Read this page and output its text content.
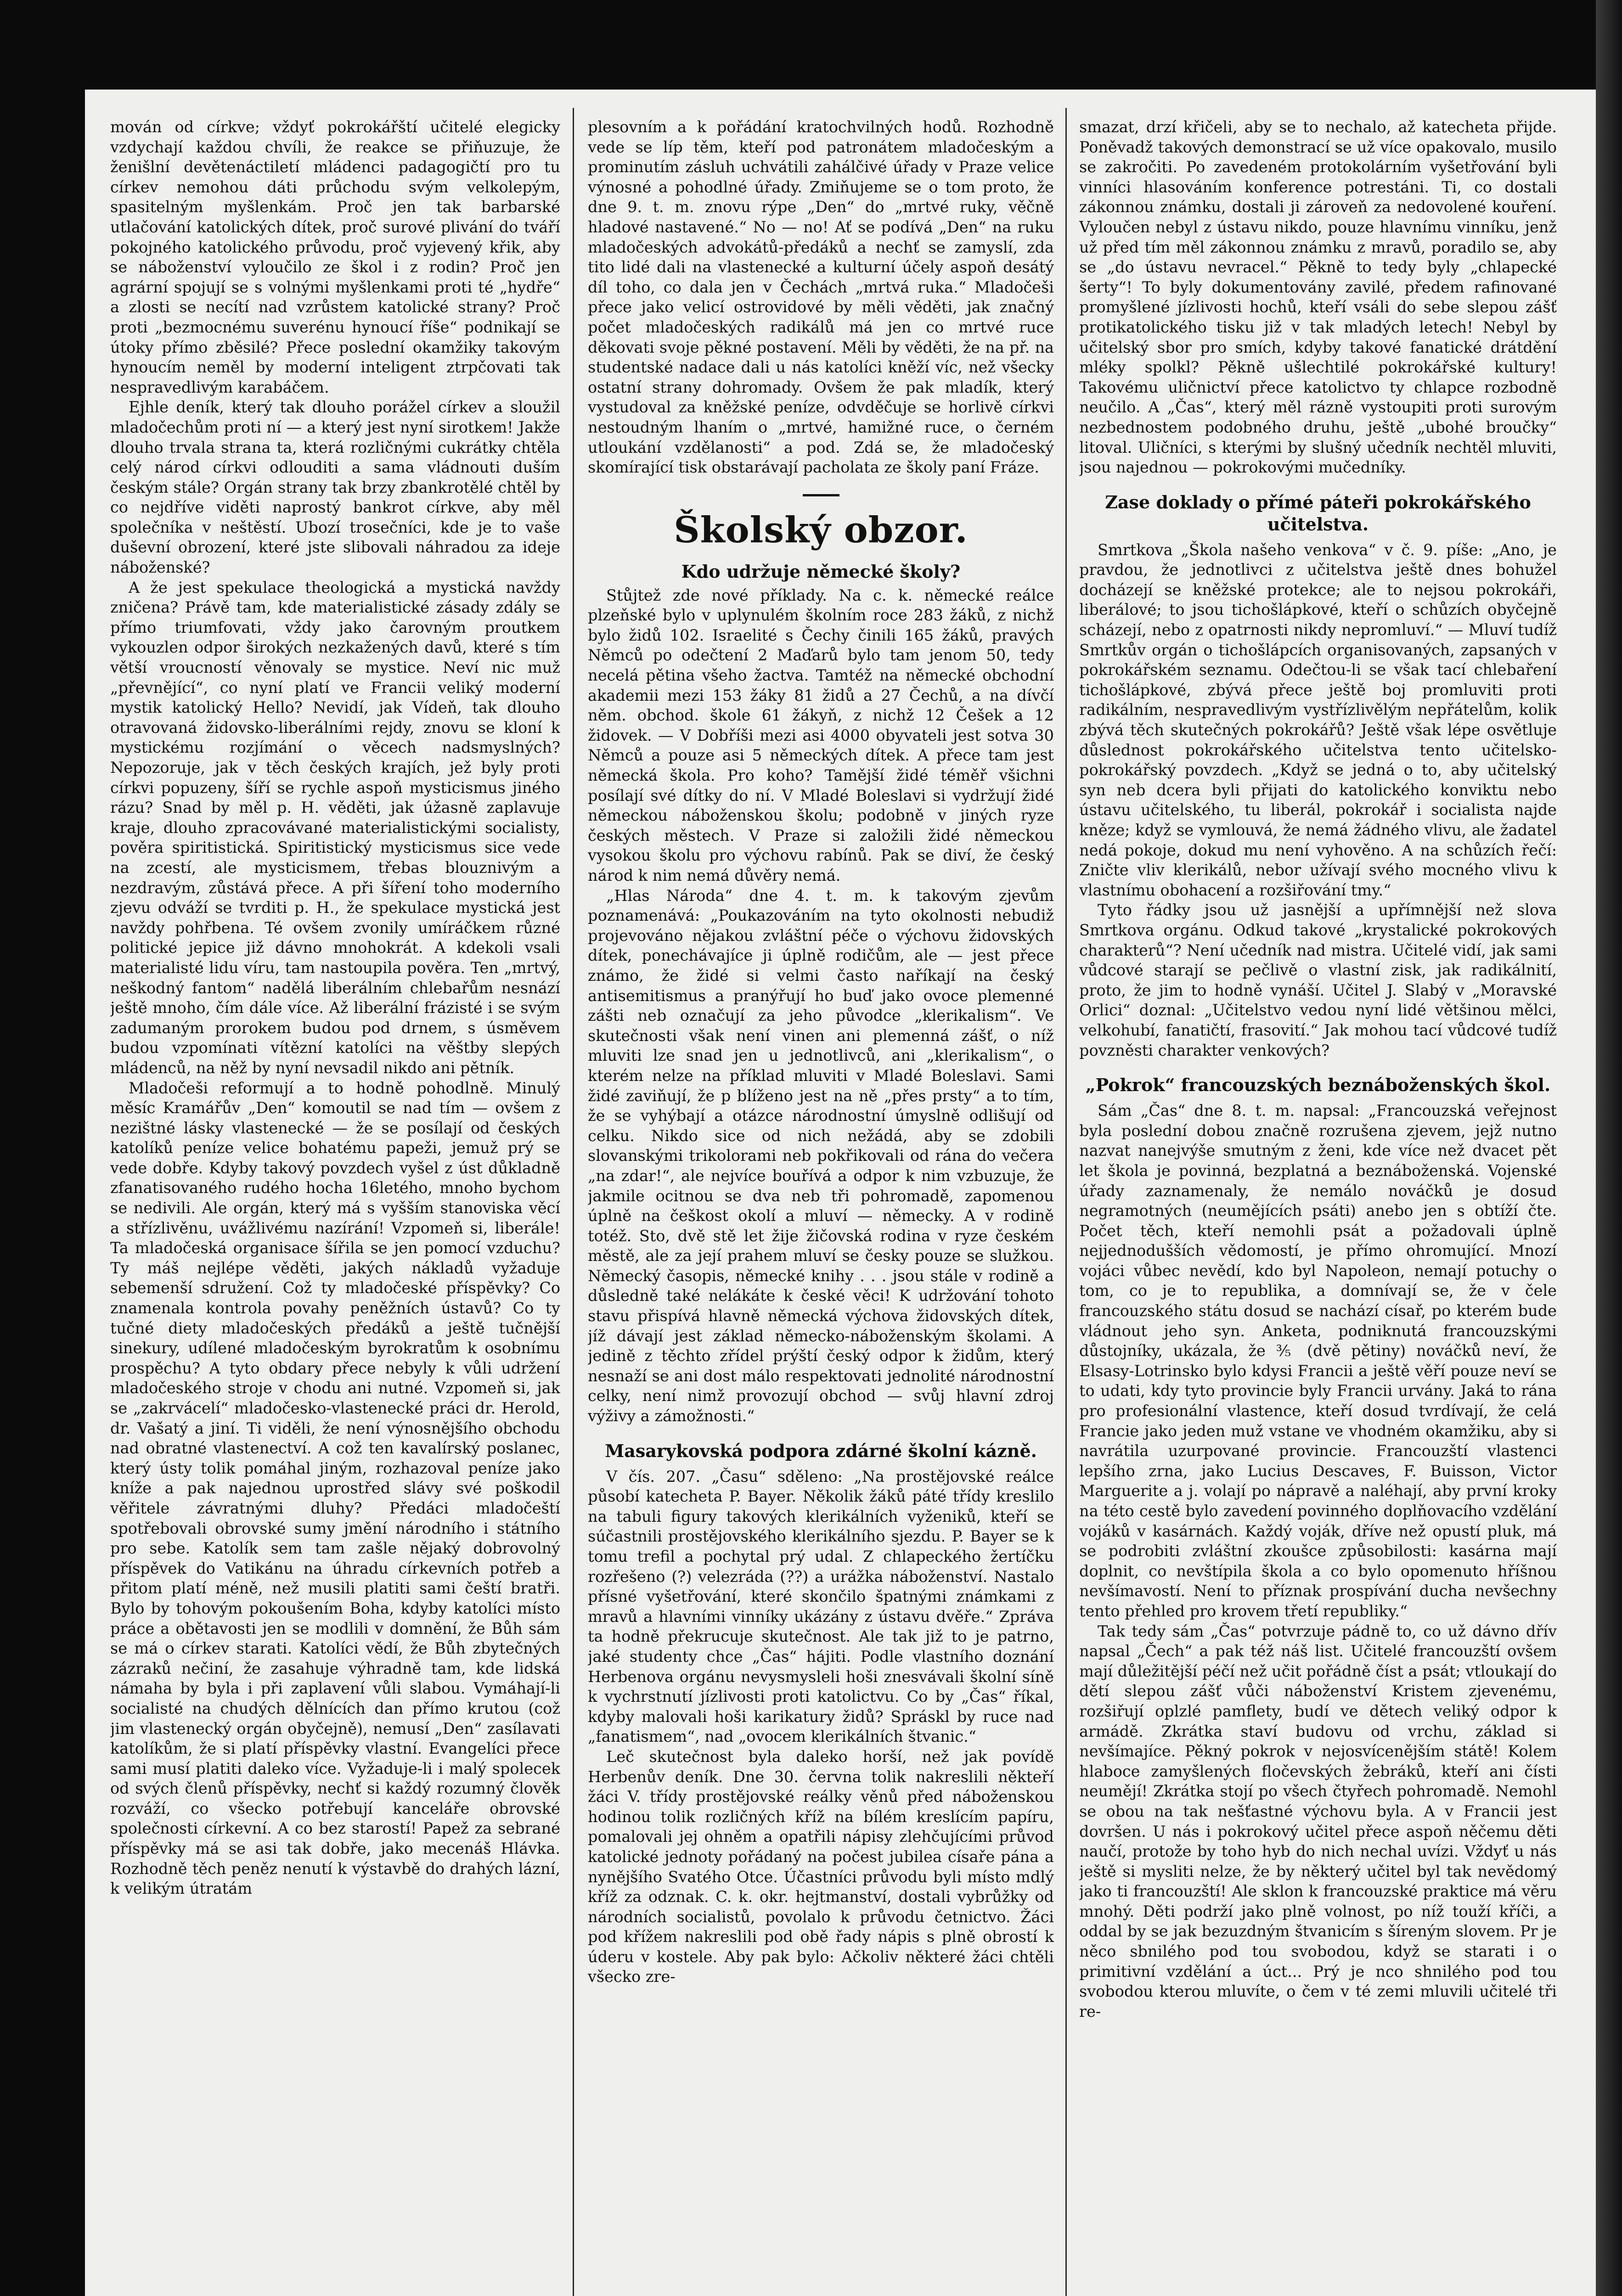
mován od církve; vždyť pokrokářští učitelé elegicky vzdychají každou chvíli, že reakce se přiňuzuje, že ženišlní devětenáctiletí mládenci padagogičtí pro tu církev nemohou dáti průchodu svým velkolepým, spasitelným myšlenkám. Proč jen tak barbarské utlačování katolických dítek, proč surové plivání do tváří pokojného katolického průvodu, proč vyjevený křik, aby se náboženství vyloučilo ze škol i z rodin? Proč jen agrární spojují se s volnými myšlenkami proti té „hydře“ a zlosti se necítí nad vzrůstem katolické strany? Proč proti „bezmocnému suverénu hynoucí říše“ podnikají se útoky přímo zběsilé? Přece poslední okamžiky takovým hynoucím neměl by moderní inteligent ztrpčovati tak nespravedlivým karabáčem.

Ejhle deník, který tak dlouho porážel církev a sloužil mladočechům proti ní — a který jest nyní sirotkem! Jakže dlouho trvala strana ta, která rozličnými cukrátky chtěla celý národ církvi odlouditi a sama vládnouti duším českým stále? Orgán strany tak brzy zbankrotělé chtěl by co nejdříve viděti naprostý bankrot církve, aby měl společníka v neštěstí. Ubozí trosečníci, kde je to vaše duševní obrození, které jste slibovali náhradou za ideje náboženské?

A že jest spekulace theologická a mystická navždy zničena? Právě tam, kde materialistické zásady zdály se přímo triumfovati, vždy jako čarovným proutkem vykouzlen odpor širokých nezkažených davů, které s tím větší vroucností věnovaly se mystice. Neví nic muž „převnějící“, co nyní platí ve Francii veliký moderní mystik katolický Hello? Nevidí, jak Vídeň, tak dlouho otravovaná židovsko-liberálními rejdy, znovu se kloní k mystickému rozjímání o věcech nadsmyslných? Nepozoruje, jak v těch českých krajích, jež byly proti církvi popuzeny, šíří se rychle aspoň mysticismus jiného rázu? Snad by měl p. H. věděti, jak úžasně zaplavuje kraje, dlouho zpracovávané materialistickými socialisty, pověra spiritistická. Spiritistický mysticismus sice vede na zcestí, ale mysticismem, třebas blouznivým a nezdravým, zůstává přece. A při šíření toho moderního zjevu odváží se tvrditi p. H., že spekulace mystická jest navždy pohřbena. Té ovšem zvonily umíráčkem různé politické jepice již dávno mnohokrát. A kdekoli vsali materialisté lidu víru, tam nastoupila pověra. Ten „mrtvý, neškodný fantom“ nadělá liberálním chlebařům nesnází ještě mnoho, čím dále více. Až liberální frázisté i se svým zadumaným prorokem budou pod drnem, s úsměvem budou vzpomínati vítězní katolíci na věštby slepých mládenců, na něž by nyní nevsadil nikdo ani pětník.

Mladočeši reformují a to hodně pohodlně. Minulý měsíc Kramářův „Den“ komoutil se nad tím — ovšem z nezištné lásky vlastenecké — že se posílají od českých katolíků peníze velice bohatému papeži, jemuž prý se vede dobře. Kdyby takový povzdech vyšel z úst důkladně zfanatisovaného rudého hocha 16letého, mnoho bychom se nedivili. Ale orgán, který má s vyšším stanoviska věcí a střízlivěnu, uvážlivému nazírání! Vzpomeň si, liberále! Ta mladočeská organisace šířila se jen pomocí vzduchu? Ty máš nejlépe věděti, jakých nákladů vyžaduje sebemenší sdružení. Což ty mladočeské příspěvky? Co znamenala kontrola povahy peněžních ústavů? Co ty tučné diety mladočeských předáků a ještě tučnější sinekury, udílené mladočeským byrokratům k osobnímu prospěchu? A tyto obdary přece nebyly k vůli udržení mladočeského stroje v chodu ani nutné. Vzpomeň si, jak se „zakrvácelí“ mladočesko-vlastenecké práci dr. Herold, dr. Vašatý a jiní. Ti viděli, že není výnosnějšího obchodu nad obratné vlastenectví. A což ten kavalírský poslanec, který ústy tolik pomáhal jiným, rozhazoval peníze jako kníže a pak najednou uprostřed slávy své poškodil věřitele závratnými dluhy? Předáci mladočeští spotřebovali obrovské sumy jmění národního i státního pro sebe. Katolík sem tam zašle nějaký dobrovolný příspěvek do Vatikánu na úhradu církevních potřeb a přitom platí méně, než musili platiti sami čeští bratři. Bylo by tohovým pokoušením Boha, kdyby katolíci místo práce a obětavosti jen se modlili v domnění, že Bůh sám se má o církev starati. Katolíci vědí, že Bůh zbytečných zázraků nečiní, že zasahuje výhradně tam, kde lidská námaha by byla i při zaplavení vůli slabou. Vymáhají-li socialisté na chudých dělnících dan přímo krutou (což jim vlastenecký orgán obyčejně), nemusí „Den“ zasílavati katolíkům, že si platí příspěvky vlastní. Evangelíci přece sami musí platiti daleko více. Vyžaduje-li i malý spolecek od svých členů příspěvky, nechť si každý rozumný člověk rozváží, co všecko potřebují kanceláře obrovské společnosti církevní. A co bez starostí! Papež za sebrané příspěvky má se asi tak dobře, jako mecenáš Hlávka. Rozhodně těch peněz nenutí k výstavbě do drahých lázní, k velikým útratám

plesovním a k pořádání kratochvilných hodů. Rozhodně vede se líp těm, kteří pod patronátem mladočeským a prominutím zásluh uchvátili zahálčivé úřady v Praze velice výnosné a pohodlné úřady. Zmiňujeme se o tom proto, že dne 9. t. m. znovu rýpe „Den“ do „mrtvé ruky, věčně hladové nastavené.“ No — no! Ať se podívá „Den“ na ruku mladočeských advokátů-předáků a nechť se zamyslí, zda tito lidé dali na vlastenecké a kulturní účely aspoň desátý díl toho, co dala jen v Čechách „mrtvá ruka.“ Mladočeši přece jako velicí ostrovidové by měli věděti, jak značný počet mladočeských radikálů má jen co mrtvé ruce děkovati svoje pěkné postavení. Měli by věděti, že na př. na studentské nadace dali u nás katolíci kněží víc, než všecky ostatní strany dohromady. Ovšem že pak mladík, který vystudoval za kněžské peníze, odvděčuje se horlivě církvi nestoudným lhaním o „mrtvé, hamižné ruce, o černém utloukání vzdělanosti“ a pod. Zdá se, že mladočeský skomírající tisk obstarávají pacholata ze školy paní Fráze.

Školský obzor.
Kdo udržuje německé školy?

Stůjtež zde nové příklady. Na c. k. německé reálce plzeňské bylo v uplynulém školním roce 283 žáků, z nichž bylo židů 102. Israelité s Čechy činili 165 žáků, pravých Němců po odečtení 2 Maďarů bylo tam jenom 50, tedy necelá pětina všeho žactva. Tamtéž na německé obchodní akademii mezi 153 žáky 81 židů a 27 Čechů, a na dívčí něm. obchod. škole 61 žákyň, z nichž 12 Češek a 12 židovek. — V Dobříši mezi asi 4000 obyvateli jest sotva 30 Němců a pouze asi 5 německých dítek. A přece tam jest německá škola. Pro koho? Tamější židé téměř všichni posílají své dítky do ní. V Mladé Boleslavi si vydržují židé německou náboženskou školu; podobně v jiných ryze českých městech. V Praze si založili židé německou vysokou školu pro výchovu rabínů. Pak se diví, že český národ k nim nemá důvěry nemá.

„Hlas Národa“ dne 4. t. m. k takovým zjevům poznamenává: „Poukazováním na tyto okolnosti nebudiž projevováno nějakou zvláštní péče o výchovu židovských dítek, ponechávajíce ji úplně rodičům, ale — jest přece známo, že židé si velmi často naříkají na český antisemitismus a pranýřují ho buď jako ovoce plemenné zášti neb označují za jeho původce „klerikalism“. Ve skutečnosti však není vinen ani plemenná zášť, o níž mluviti lze snad jen u jednotlivců, ani „klerikalism“, o kterém nelze na příklad mluviti v Mladé Boleslavi. Sami židé zaviňují, že p blíženo jest na ně „přes prsty“ a to tím, že se vyhýbají a otázce národnostní úmyslně odlišují od celku. Nikdo sice od nich nežádá, aby se zdobili slovanskými trikolorami neb pokřikovali od rána do večera „na zdar!“, ale nejvíce bouřívá a odpor k nim vzbuzuje, že jakmile ocitnou se dva neb tři pohromadě, zapomenou úplně na češkost okolí a mluví — německy. A v rodině totéž. Sto, dvě stě let žije žičovská rodina v ryze českém městě, ale za její prahem mluví se česky pouze se služkou. Německý časopis, německé knihy . . . jsou stále v rodině a důsledně také nelákáte k české věci! K udržování tohoto stavu přispívá hlavně německá výchova židovských dítek, jíž dávají jest základ německo-náboženským školami. A jedině z těchto zřídel prýští český odpor k židům, který nesnaží se ani dost málo respektovati jednolité národnostní celky, není nimž provozují obchod — svůj hlavní zdroj výživy a zámožnosti.“

Masarykovská podpora zdárné školní kázně.

V čís. 207. „Času“ sděleno: „Na prostějovské reálce působí katecheta P. Bayer. Několik žáků páté třídy kreslilo na tabuli figury takových klerikálních vyženiků, kteří se súčastnili prostějovského klerikálního sjezdu. P. Bayer se k tomu trefil a pochytal prý udal. Z chlapeckého žertíčku rozřešeno (?) velezráda (??) a urážka náboženství. Nastalo přísné vyšetřování, které skončilo špatnými známkami z mravů a hlavními vinníky ukázány z ústavu dvěře.“ Zpráva ta hodně překrucuje skutečnost. Ale tak již to je patrno, jaké studenty chce „Čas“ hájiti. Podle vlastního doznání Herbenova orgánu nevysmysleli hoši znesvávali školní síně k vychrstnutí jízlivosti proti katolictvu. Co by „Čas“ říkal, kdyby malovali hoši karikatury židů? Spráskl by ruce nad „fanatismem“, nad „ovocem klerikálních štvanic.“

Leč skutečnost byla daleko horší, než jak povídě Herbenův deník. Dne 30. června tolik nakreslili někteří žáci V. třídy prostějovské reálky věnů před náboženskou hodinou tolik rozličných kříž na bílém kreslícím papíru, pomalovali jej ohněm a opatřili nápisy zlehčujícími průvod katolické jednoty pořádaný na počest jubilea císaře pána a nynějšího Svatého Otce. Účastníci průvodu byli místo mdlý kříž za odznak. C. k. okr. hejtmanství, dostali vybrůžky od národních socialistů, povolalo k průvodu četnictvo. Žáci pod křížem nakreslili pod obě řady nápis s plně obrostí k úderu v kostele. Aby pak bylo: Ačkoliv některé žáci chtěli všecko zre-

smazat, drzí křičeli, aby se to nechalo, až katecheta přijde. Poněvadž takových demonstrací se už více opakovalo, musilo se zakročiti. Po zavedeném protokolárním vyšetřování byli vinníci hlasováním konference potrestáni. Ti, co dostali zákonnou známku, dostali ji zároveň za nedovolené kouření. Vyloučen nebyl z ústavu nikdo, pouze hlavnímu vinníku, jenž už před tím měl zákonnou známku z mravů, poradilo se, aby se „do ústavu nevracel.“ Pěkně to tedy byly „chlapecké šerty“! To byly dokumentovány zavilé, předem rafinované promyšlené jízlivosti hochů, kteří vsáli do sebe slepou zášť protikatolického tisku již v tak mladých letech! Nebyl by učitelský sbor pro smích, kdyby takové fanatické drátdění mléky spolkl? Pěkně ušlechtilé pokrokářské kultury! Takovému uličnictví přece katolictvo ty chlapce rozbodně neučilo. A „Čas“, který měl rázně vystoupiti proti surovým nezbednostem podobného druhu, ještě „ubohé broučky“ litoval. Uličníci, s kterými by slušný učedník nechtěl mluviti, jsou najednou — pokrokovými mučedníky.

Zase doklady o přímé páteři pokrokářského učitelstva.

Smrtkova „Škola našeho venkova“ v č. 9. píše: „Ano, je pravdou, že jednotlivci z učitelstva ještě dnes bohužel docházejí se kněžské protekce; ale to nejsou pokrokáři, liberálové; to jsou tichošlápkové, kteří o schůzích obyčejně scházejí, nebo z opatrnosti nikdy nepromluví.“ — Mluví tudíž Smrtkův orgán o tichošlápcích organisovaných, zapsaných v pokrokářském seznamu. Odečtou-li se však tací chlebaření tichošlápkové, zbývá přece ještě boj promluviti proti radikálním, nespravedlivým vystřízlivělým nepřátelům, kolik zbývá těch skutečných pokrokářů? Ještě však lépe osvětluje důslednost pokrokářského učitelstva tento učitelsko-pokrokářský povzdech. „Když se jedná o to, aby učitelský syn neb dcera byli přijati do katolického konviktu nebo ústavu učitelského, tu liberál, pokrokář i socialista najde kněze; když se vymlouvá, že nemá žádného vlivu, ale žadatel nedá pokoje, dokud mu není vyhověno. A na schůzích řečí: Zničte vliv klerikálů, nebor užívají svého mocného vlivu k vlastnímu obohacení a rozšiřování tmy.“

Tyto řádky jsou už jasnější a upřímnější než slova Smrtkova orgánu. Odkud takové „krystalické pokrokových charakterů“? Není učedník nad mistra. Učitelé vidí, jak sami vůdcové starají se pečlivě o vlastní zisk, jak radikálnití, proto, že jim to hodně vynáší. Učitel J. Slabý v „Moravské Orlici“ doznal: „Učitelstvo vedou nyní lidé většinou mělci, velkohubí, fanatičtí, frasovití.“ Jak mohou tací vůdcové tudíž povzněsti charakter venkových?

„Pokrok“ francouzských beznáboženských škol.

Sám „Čas“ dne 8. t. m. napsal: „Francouzská veřejnost byla poslední dobou značně rozrušena zjevem, jejž nutno nazvat nanejvýše smutným z ženi, kde více než dvacet pět let škola je povinná, bezplatná a beznáboženská. Vojenské úřady zaznamenaly, že nemálo nováčků je dosud negramotných (neumějících psáti) anebo jen s obtíží čte. Počet těch, kteří nemohli psát a požadovali úplně nejjednodušších vědomostí, je přímo ohromující. Mnozí vojáci vůbec nevědí, kdo byl Napoleon, nemají potuchy o tom, co je to republika, a domnívají se, že v čele francouzského státu dosud se nachází císař, po kterém bude vládnout jeho syn. Anketa, podniknutá francouzskými důstojníky, ukázala, že ⅗ (dvě pětiny) nováčků neví, že Elsasy-Lotrinsko bylo kdysi Francii a ještě věří pouze neví se to udati, kdy tyto provincie byly Francii urvány. Jaká to rána pro profesionální vlastence, kteří dosud tvrdívají, že celá Francie jako jeden muž vstane ve vhodném okamžiku, aby si navrátila uzurpované provincie. Francouzští vlastenci lepšího zrna, jako Lucius Descaves, F. Buisson, Victor Marguerite a j. volají po nápravě a naléhají, aby první kroky na této cestě bylo zavedení povinného doplňovacího vzdělání vojáků v kasárnách. Každý voják, dříve než opustí pluk, má se podrobiti zvláštní zkoušce způsobilosti: kasárna mají doplnit, co nevštípila škola a co bylo opomenuto hříšnou nevšímavostí. Není to příznak prospívání ducha nevšechny tento přehled pro krovem třetí republiky.“

Tak tedy sám „Čas“ potvrzuje pádně to, co už dávno dřív napsal „Čech“ a pak též náš list. Učitelé francouzští ovšem mají důležitější péčí než učit pořádně číst a psát; vtloukají do dětí slepou zášť vůči náboženství Kristem zjevenému, rozšiřují oplzlé pamflety, budí ve dětech veliký odpor k armádě. Zkrátka staví budovu od vrchu, základ si nevšímajíce. Pěkný pokrok v nejosvícenějším státě! Kolem hlaboce zamyšlených fločevských žebráků, kteří ani čísti neumějí! Zkrátka stojí po všech čtyřech pohromadě. Nemohl se obou na tak nešťastné výchovu byla. A v Francii jest dovršen. U nás i pokrokový učitel přece aspoň něčemu děti naučí, protože by toho hyb do nich nechal uvízi. Vždyť u nás ještě si mysliti nelze, že by některý učitel byl tak nevědomý jako ti francouzští! Ale sklon k francouzské praktice má věru mnohý. Děti podrží jako plně volnost, po níž touží kříči, a oddal by se jak bezuzdným štvanicím s šíreným slovem. Pr je něco sbnilého pod tou svobodou, když se starati i o primitivní vzdělání a úct... Prý je nco shnilého pod tou svobodou kterou mluvíte, o čem v té zemi mluvili učitelé tři re-
